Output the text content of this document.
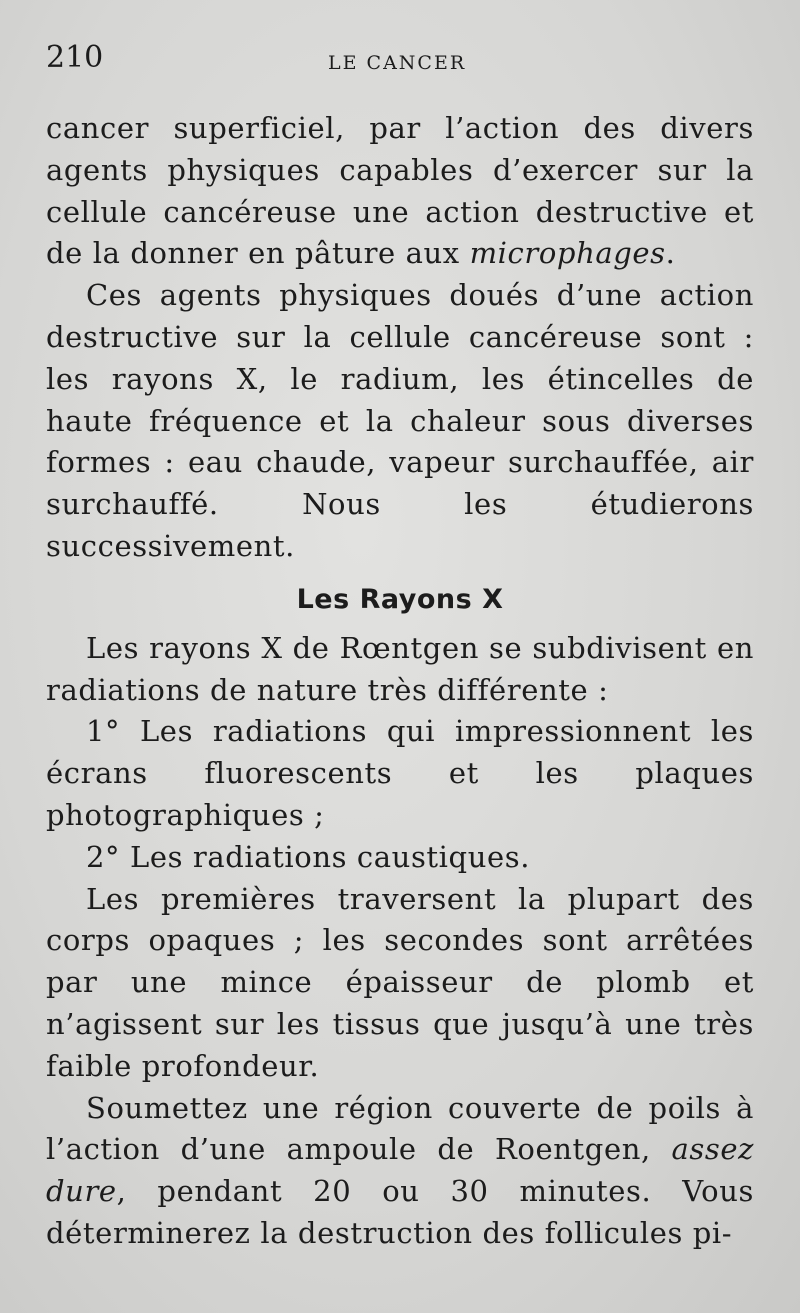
210	LE CANCER

cancer superficiel, par l’action des divers agents physiques capables d’exercer sur la cellule cancéreuse une action destructive et de la donner en pâture aux microphages.

Ces agents physiques doués d’une action destructive sur la cellule cancéreuse sont : les rayons X, le radium, les étincelles de haute fréquence et la chaleur sous diverses formes : eau chaude, vapeur surchauffée, air surchauffé. Nous les étudierons successivement.

Les Rayons X

Les rayons X de Rœntgen se subdivisent en radiations de nature très différente :

1° Les radiations qui impressionnent les écrans fluorescents et les plaques photographiques ;

2° Les radiations caustiques.

Les premières traversent la plupart des corps opaques ; les secondes sont arrêtées par une mince épaisseur de plomb et n’agissent sur les tissus que jusqu’à une très faible profondeur.

Soumettez une région couverte de poils à l’action d’une ampoule de Roentgen, assez dure, pendant 20 ou 30 minutes. Vous déterminerez la destruction des follicules pi-
